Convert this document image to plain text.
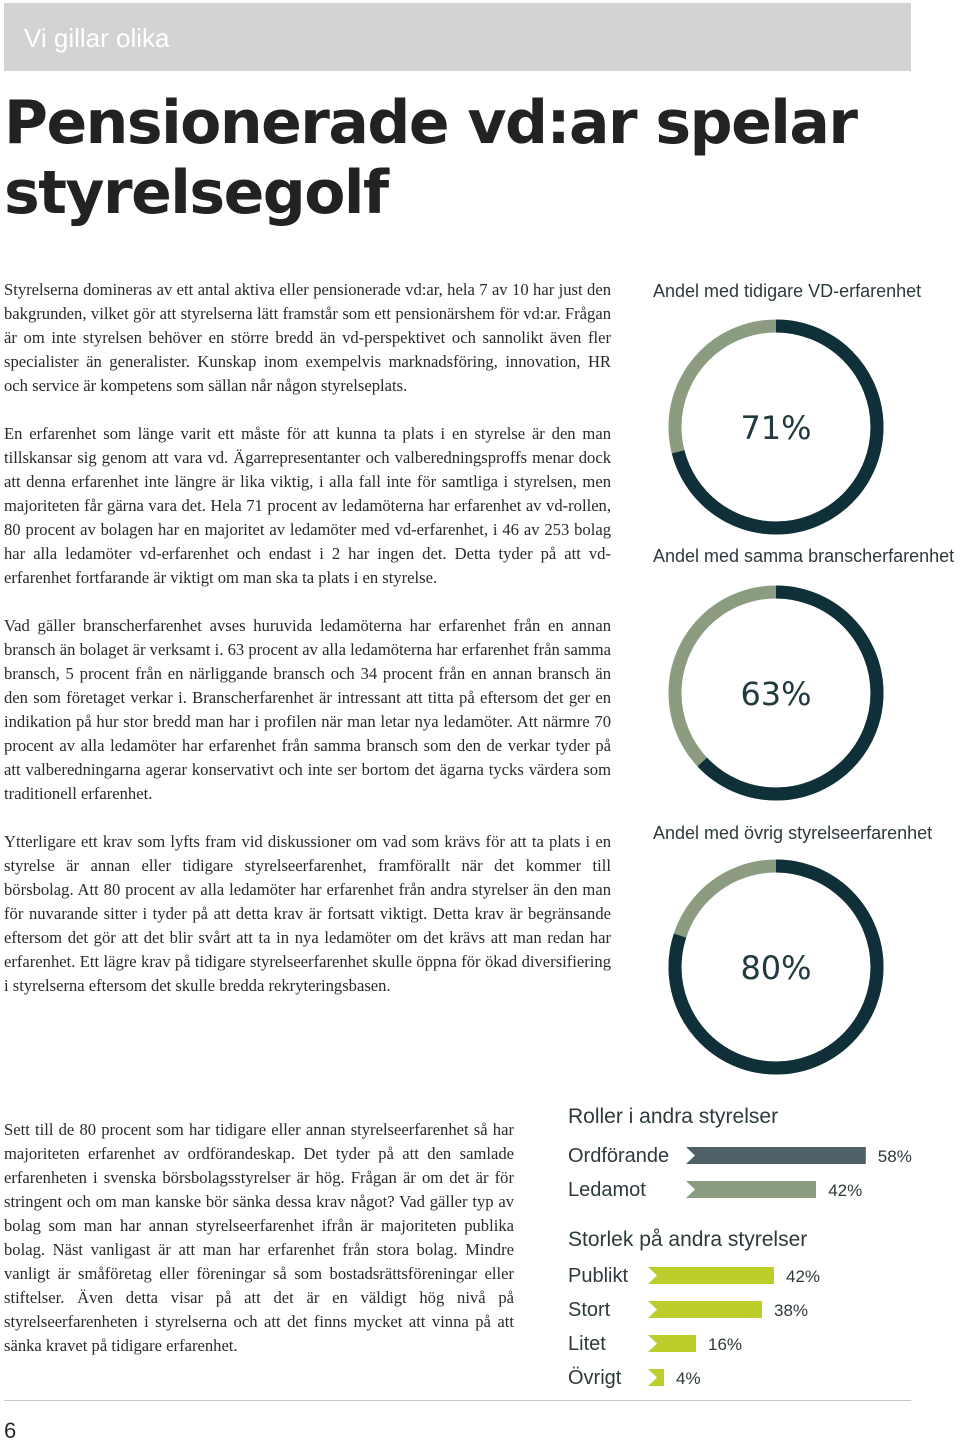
Vi gillar olika
Pensionerade vd:ar spelar styrelsegolf

Styrelserna domineras av ett antal aktiva eller pensionerade vd:ar, hela 7 av 10 har just den bakgrunden, vilket gör att styrelserna lätt framstår som ett pensionärshem för vd:ar. Frågan är om inte styrelsen behöver en större bredd än vd-perspektivet och sannolikt även fler specialister än generalister. Kunskap inom exempelvis marknadsföring, innovation, HR och service är kompetens som sällan når någon styrelseplats.

En erfarenhet som länge varit ett måste för att kunna ta plats i en styrelse är den man tillskansar sig genom att vara vd. Ägarrepresentanter och valberedningsproffs menar dock att denna erfarenhet inte längre är lika viktig, i alla fall inte för samtliga i styrelsen, men majoriteten får gärna vara det. Hela 71 procent av ledamöterna har erfarenhet av vd-rollen, 80 procent av bolagen har en majoritet av ledamöter med vd-erfarenhet, i 46 av 253 bolag har alla ledamöter vd-erfarenhet och endast i 2 har ingen det. Detta tyder på att vd-erfarenhet fortfarande är viktigt om man ska ta plats i en styrelse.

Vad gäller branscherfarenhet avses huruvida ledamöterna har erfarenhet från en annan bransch än bolaget är verksamt i. 63 procent av alla ledamöterna har erfarenhet från samma bransch, 5 procent från en närliggande bransch och 34 procent från en annan bransch än den som företaget verkar i. Branscherfarenhet är intressant att titta på eftersom det ger en indikation på hur stor bredd man har i profilen när man letar nya ledamöter. Att närmre 70 procent av alla ledamöter har erfarenhet från samma bransch som den de verkar tyder på att valberedningarna agerar konservativt och inte ser bortom det ägarna tycks värdera som traditionell erfarenhet.

Ytterligare ett krav som lyfts fram vid diskussioner om vad som krävs för att ta plats i en styrelse är annan eller tidigare styrelseerfarenhet, framförallt när det kommer till börsbolag. Att 80 procent av alla ledamöter har erfarenhet från andra styrelser än den man för nuvarande sitter i tyder på att detta krav är fortsatt viktigt. Detta krav är begränsande eftersom det gör att det blir svårt att ta in nya ledamöter om det krävs att man redan har erfarenhet. Ett lägre krav på tidigare styrelseerfarenhet skulle öppna för ökad diversifiering i styrelserna eftersom det skulle bredda rekryteringsbasen.

Sett till de 80 procent som har tidigare eller annan styrelseerfarenhet så har majoriteten erfarenhet av ordförandeskap. Det tyder på att den samlade erfarenheten i svenska börsbolagsstyrelser är hög. Frågan är om det är för stringent och om man kanske bör sänka dessa krav något? Vad gäller typ av bolag som man har annan styrelseerfarenhet ifrån är majoriteten publika bolag. Näst vanligast är att man har erfarenhet från stora bolag. Mindre vanligt är småföretag eller föreningar så som bostadsrättsföreningar eller stiftelser. Även detta visar på att det är en väldigt hög nivå på styrelseerfarenheten i styrelserna och att det finns mycket att vinna på att sänka kravet på tidigare erfarenhet.

Andel med tidigare VD-erfarenhet
71%
Andel med samma branscherfarenhet
63%
Andel med övrig styrelseerfarenhet
80%
Roller i andra styrelser
Ordförande	58%
Ledamot	42%
Storlek på andra styrelser
Publikt	42%
Stort	38%
Litet	16%
Övrigt	4%
6
